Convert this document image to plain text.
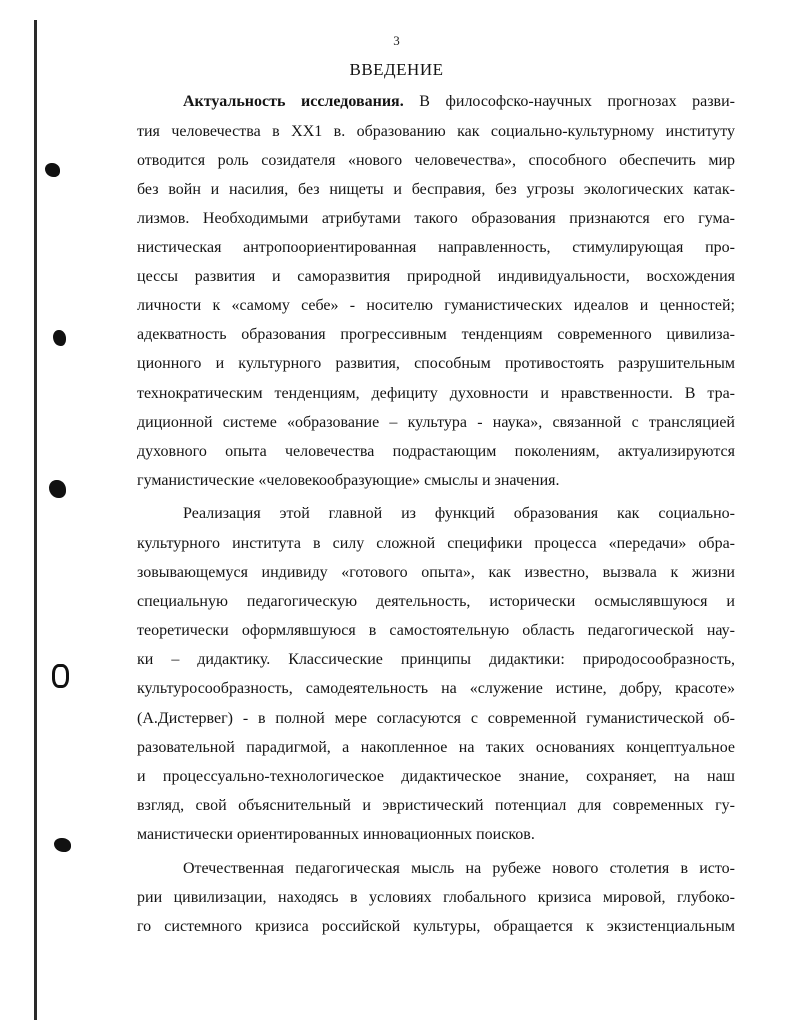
3
ВВЕДЕНИЕ
Актуальность исследования. В философско-научных прогнозах разви-
тия человечества в XX1 в. образованию как социально-культурному институту
отводится роль созидателя «нового человечества», способного обеспечить мир
без войн и насилия, без нищеты и бесправия, без угрозы экологических катак-
лизмов. Необходимыми атрибутами такого образования признаются его гума-
нистическая антропоориентированная направленность, стимулирующая про-
цессы развития и саморазвития природной индивидуальности, восхождения
личности к «самому себе» - носителю гуманистических идеалов и ценностей;
адекватность образования прогрессивным тенденциям современного цивилиза-
ционного и культурного развития, способным противостоять разрушительным
технократическим тенденциям, дефициту духовности и нравственности. В тра-
диционной системе «образование – культура - наука», связанной с трансляцией
духовного опыта человечества подрастающим поколениям, актуализируются
гуманистические «человекообразующие» смыслы и значения.
Реализация этой главной из функций образования как социально-
культурного института в силу сложной специфики процесса «передачи» обра-
зовывающемуся индивиду «готового опыта», как известно, вызвала к жизни
специальную педагогическую деятельность, исторически осмыслявшуюся и
теоретически оформлявшуюся в самостоятельную область педагогической нау-
ки – дидактику. Классические принципы дидактики: природосообразность,
культуросообразность, самодеятельность на «служение истине, добру, красоте»
(А.Дистервег) - в полной мере согласуются с современной гуманистической об-
разовательной парадигмой, а накопленное на таких основаниях концептуальное
и процессуально-технологическое дидактическое знание, сохраняет, на наш
взгляд, свой объяснительный и эвристический потенциал для современных гу-
манистически ориентированных инновационных поисков.
Отечественная педагогическая мысль на рубеже нового столетия в исто-
рии цивилизации, находясь в условиях глобального кризиса мировой, глубоко-
го системного кризиса российской культуры, обращается к экзистенциальным
